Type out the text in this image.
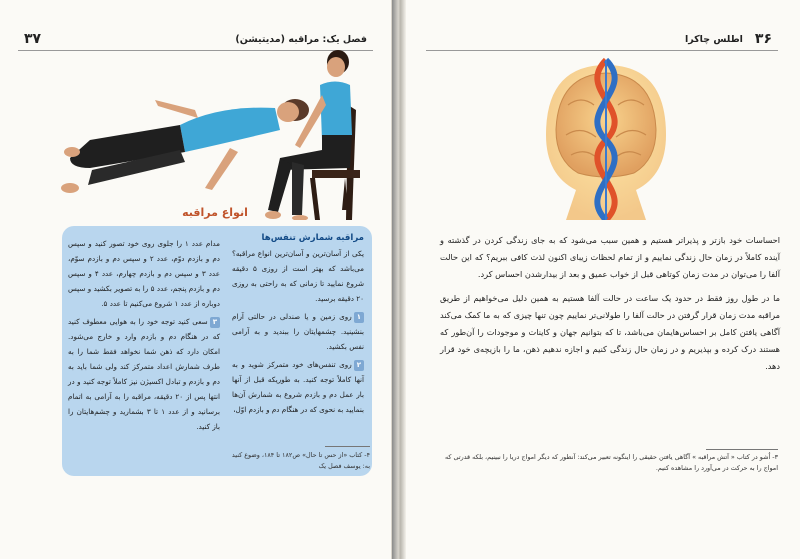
۳۷	فصل یک: مراقبه (مدیتیشن)
انواع مراقبه
مراقبه شمارش تنفس‌ها

یکی از آسان‌ترین و آسان‌ترین انواع مراقبه؟ می‌باشد که بهتر است از روزی ۵ دقیقه شروع نمایید تا زمانی که به راحتی به روزی ۲۰ دقیقه برسید.

۱روی زمین و یا صندلی در حالتی آرام بنشینید. چشمهایتان را ببندید و به آرامی نفس بکشید.

۲روی تنفس‌های خود متمرکز شوید و به آنها کاملاً توجه کنید. به طوریکه قبل از آنها بار عمل دم و بازدم شروع به شمارش آن‌ها بنمایید به نحوی که در هنگام دم و بازدم اوّل،

مدام عدد ۱ را جلوی روی خود تصور کنید و سپس دم و بازدم دوّم، عدد ۲ و سپس دم و بازدم سوّم، عدد ۳ و سپس دم و بازدم چهارم، عدد ۴ و سپس دم و بازدم پنجم، عدد ۵ را به تصویر بکشید و سپس دوباره از عدد ۱ شروع می‌کنیم تا عدد ۵.

۳سعی کنید توجه خود را به هوایی معطوف کنید که در هنگام دم و بازدم وارد و خارج می‌شود. امکان دارد که ذهن شما نخواهد فقط شما را به طرف شمارش اعداد متمرکز کند ولی شما باید به دم و بازدم و تبادل اکسیژن نیز کاملاً توجه کنید و در انتها پس از ۲۰ دقیقه، مراقبه را به آرامی به اتمام برسانید و از عدد ۱ تا ۳ بشمارید و چشم‌هایتان را باز کنید.

۴- کتاب «از حس تا حال» ص۱۸۲ تا ۱۸۴، وضوع کنید به: یوسف فصل یک
۳۶
اطلس چاکرا

احساسات خود بازتر و پذیراتر هستیم و همین سبب می‌شود که به جای زندگی کردن در گذشته و آینده کاملاً در زمان حال زندگی نماییم و از تمام لحظات زیبای اکنون لذت کافی ببریم؟ که این حالت آلفا را می‌توان در مدت زمان کوتاهی قبل از خواب عمیق و بعد از بیدارشدن احساس کرد.

ما در طول روز فقط در حدود یک ساعت در حالت آلفا هستیم به همین دلیل می‌خواهیم از طریق مراقبه مدت زمان قرار گرفتن در حالت آلفا را طولانی‌تر نماییم چون تنها چیزی که به ما کمک می‌کند آگاهی یافتن کامل بر احساس‌هایمان می‌باشد، تا که بتوانیم جهان و کاینات و موجودات را آن‌طور که هستند درک کرده و بپذیریم و در زمان حال زندگی کنیم و اجازه ندهیم ذهن، ما را بازیچه‌ی خود قرار دهد.

۳- اُشو در کتاب « آتش مراقبه » آگاهی یافتن حقیقی را اینگونه تعبیر می‌کند: آنطور که دیگر امواج دریا را نبینیم، بلکه قدرتی که امواج را به حرکت در می‌آورد را مشاهده کنیم.
